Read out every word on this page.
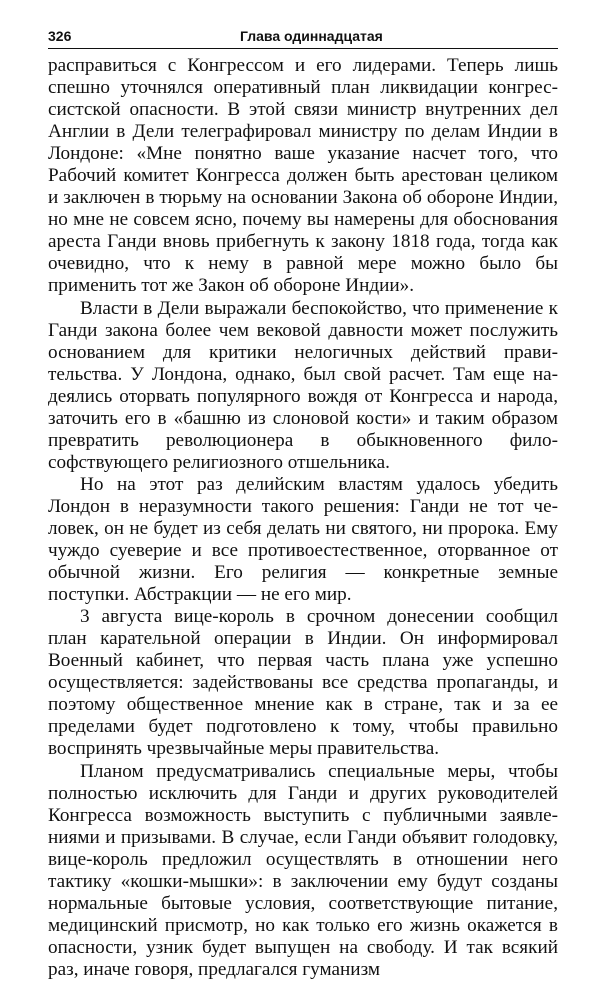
326	Глава одиннадцатая

расправиться с Конгрессом и его лидерами. Теперь лишь спешно уточнялся оперативный план ликвидации конгрессистской опасности. В этой связи министр внутренних дел Англии в Дели телеграфировал министру по делам Индии в Лондоне: «Мне понятно ваше указание насчет того, что Рабочий комитет Конгресса должен быть арестован целиком и заключен в тюрьму на основании Закона об обороне Индии, но мне не совсем ясно, почему вы намерены для обоснования ареста Ганди вновь прибегнуть к закону 1818 года, тогда как очевидно, что к нему в равной мере можно было бы применить тот же Закон об обороне Индии».

Власти в Дели выражали беспокойство, что применение к Ганди закона более чем вековой давности может послужить основанием для критики нелогичных действий правительства. У Лондона, однако, был свой расчет. Там еще надеялись оторвать популярного вождя от Конгресса и народа, заточить его в «башню из слоновой кости» и таким образом превратить революционера в обыкновенного философствующего религиозного отшельника.

Но на этот раз делийским властям удалось убедить Лондон в неразумности такого решения: Ганди не тот человек, он не будет из себя делать ни святого, ни пророка. Ему чуждо суеверие и все противоестественное, оторванное от обычной жизни. Его религия — конкретные земные поступки. Абстракции — не его мир.

3 августа вице-король в срочном донесении сообщил план карательной операции в Индии. Он информировал Военный кабинет, что первая часть плана уже успешно осуществляется: задействованы все средства пропаганды, и поэтому общественное мнение как в стране, так и за ее пределами будет подготовлено к тому, чтобы правильно воспринять чрезвычайные меры правительства.

Планом предусматривались специальные меры, чтобы полностью исключить для Ганди и других руководителей Конгресса возможность выступить с публичными заявлениями и призывами. В случае, если Ганди объявит голодовку, вице-король предложил осуществлять в отношении него тактику «кошки-мышки»: в заключении ему будут созданы нормальные бытовые условия, соответствующие питание, медицинский присмотр, но как только его жизнь окажется в опасности, узник будет выпущен на свободу. И так всякий раз, иначе говоря, предлагался гуманизм
